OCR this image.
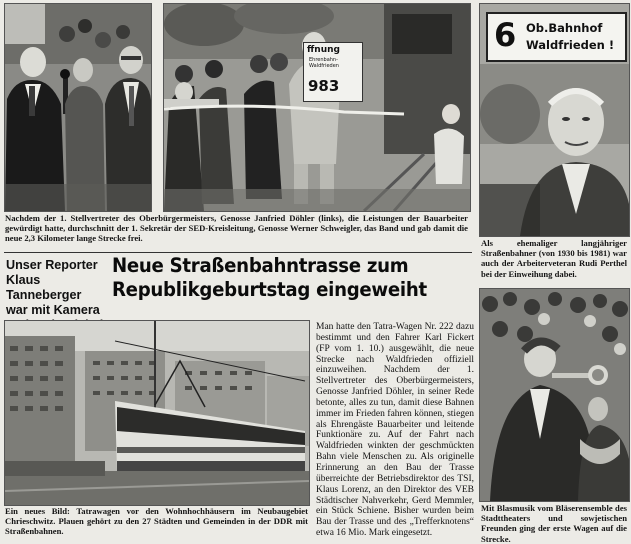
ffnung
Ehrenbahn- Waldfrieden
983
Nachdem der 1. Stellvertreter des Oberbürgermeisters, Genosse Janfried Döhler (links), die Leistungen der Bauarbeiter gewürdigt hatte, durchschnitt der 1. Sekretär der SED-Kreisleitung, Genosse Werner Schweigler, das Band und gab damit die neue 2,3 Kilometer lange Strecke frei.
6 Ob.Bahnhof
Waldfrieden !
Als ehemaliger langjähriger Straßenbahner (von 1930 bis 1981) war auch der Arbeiterveteran Rudi Perthel bei der Einweihung dabei.
Unser Reporter
Klaus Tanneberger
war mit Kamera
Neue Straßenbahntrasse zum
Republikgeburtstag eingeweiht
Ein neues Bild: Tatrawagen vor den Wohnhochhäusern im Neubaugebiet Chrieschwitz. Plauen gehört zu den 27 Städten und Gemeinden in der DDR mit Straßenbahnen.
Man hatte den Tatra-Wagen Nr. 222 dazu bestimmt und den Fahrer Karl Fickert (FP vom 1. 10.) ausgewählt, die neue Strecke nach Waldfrieden offiziell einzuweihen. Nachdem der 1. Stellvertreter des Oberbürgermeisters, Genosse Janfried Döhler, in seiner Rede betonte, alles zu tun, damit diese Bahnen immer im Frieden fahren können, stiegen als Ehrengäste Bauarbeiter und leitende Funktionäre zu. Auf der Fahrt nach Waldfrieden winkten der geschmückten Bahn viele Menschen zu. Als originelle Erinnerung an den Bau der Trasse überreichte der Betriebsdirektor des TSI, Klaus Lorenz, an den Direktor des VEB Städtischer Nahverkehr, Gerd Memmler, ein Stück Schiene. Bisher wurden beim Bau der Trasse und des „Trefferknotens“ etwa 16 Mio. Mark eingesetzt.
Mit Blasmusik vom Bläserensemble des Stadttheaters und sowjetischen Freunden ging der erste Wagen auf die Strecke.
